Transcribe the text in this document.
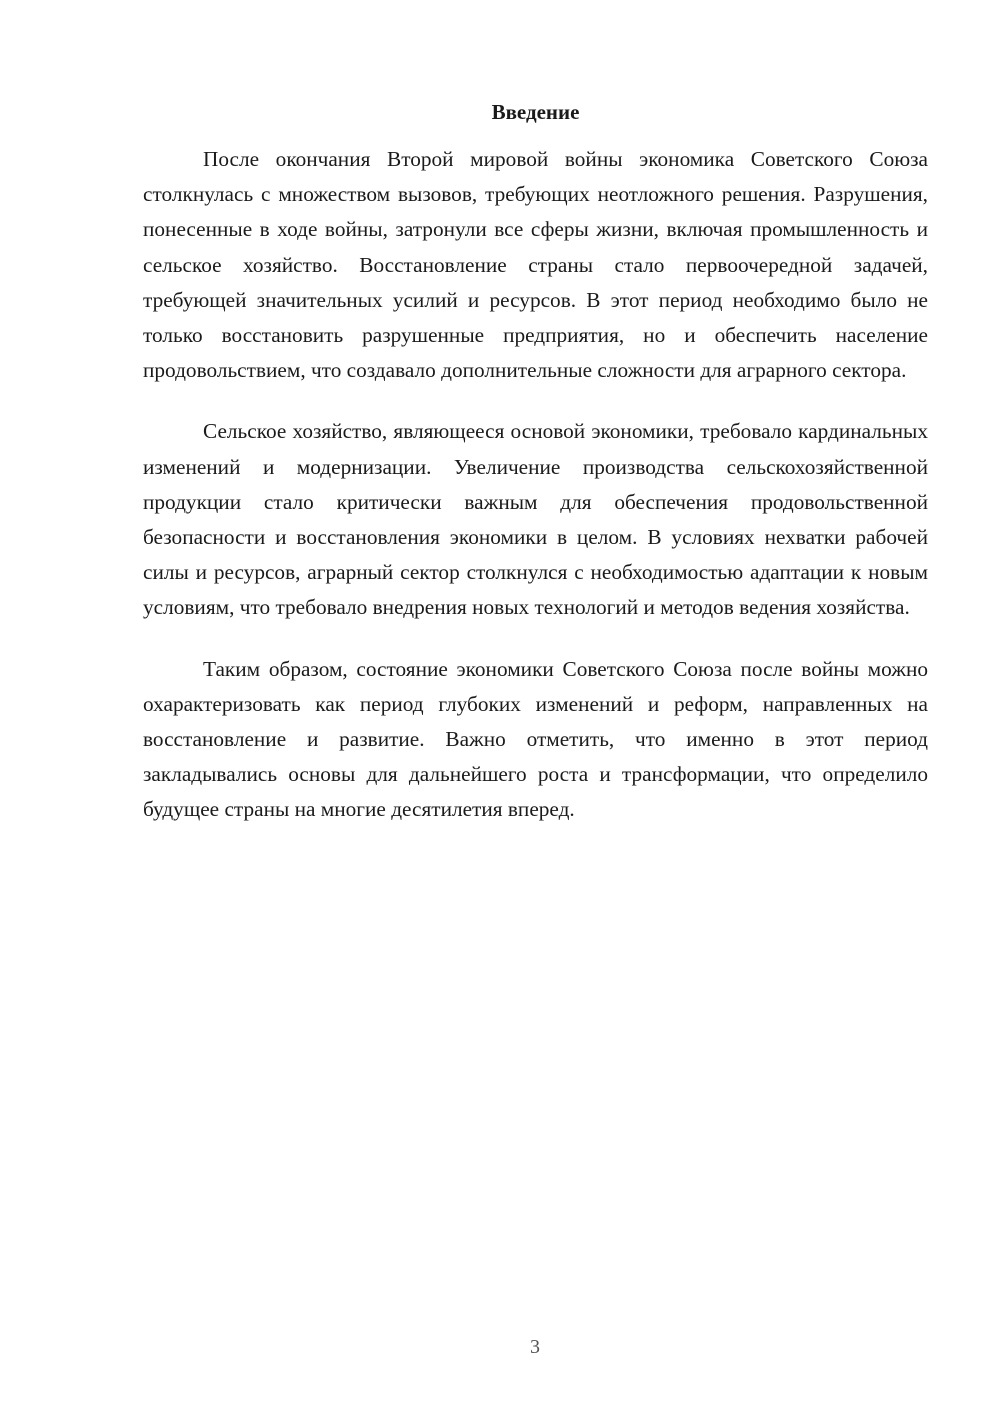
Введение

После окончания Второй мировой войны экономика Советского Союза столкнулась с множеством вызовов, требующих неотложного решения. Разрушения, понесенные в ходе войны, затронули все сферы жизни, включая промышленность и сельское хозяйство. Восстановление страны стало первоочередной задачей, требующей значительных усилий и ресурсов. В этот период необходимо было не только восстановить разрушенные предприятия, но и обеспечить население продовольствием, что создавало дополнительные сложности для аграрного сектора.

Сельское хозяйство, являющееся основой экономики, требовало кардинальных изменений и модернизации. Увеличение производства сельскохозяйственной продукции стало критически важным для обеспечения продовольственной безопасности и восстановления экономики в целом. В условиях нехватки рабочей силы и ресурсов, аграрный сектор столкнулся с необходимостью адаптации к новым условиям, что требовало внедрения новых технологий и методов ведения хозяйства.

Таким образом, состояние экономики Советского Союза после войны можно охарактеризовать как период глубоких изменений и реформ, направленных на восстановление и развитие. Важно отметить, что именно в этот период закладывались основы для дальнейшего роста и трансформации, что определило будущее страны на многие десятилетия вперед.

3
